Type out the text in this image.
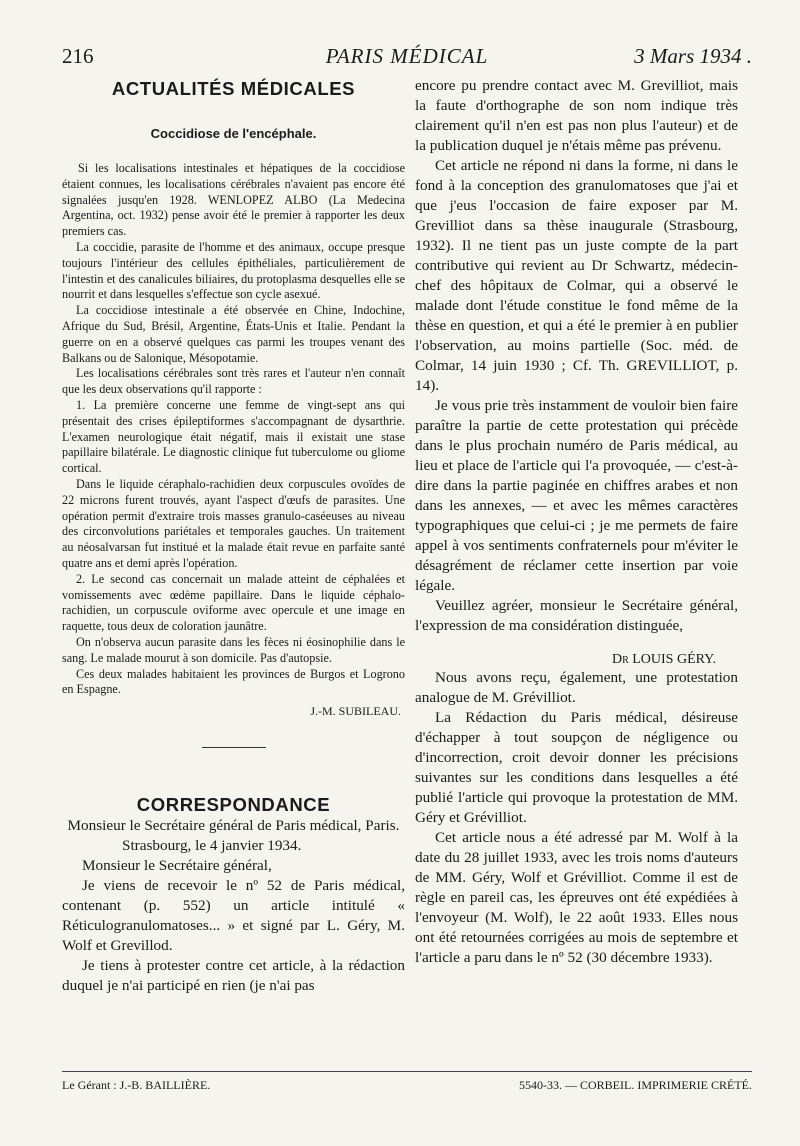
216	PARIS MÉDICAL	3 Mars 1934 .
ACTUALITÉS MÉDICALES
Coccidiose de l'encéphale.

Si les localisations intestinales et hépatiques de la coccidiose étaient connues, les localisations cérébrales n'avaient pas encore été signalées jusqu'en 1928. WENLOPEZ ALBO (La Medecina Argentina, oct. 1932) pense avoir été le premier à rapporter les deux premiers cas.

La coccidie, parasite de l'homme et des animaux, occupe presque toujours l'intérieur des cellules épithéliales, particulièrement de l'intestin et des canalicules biliaires, du protoplasma desquelles elle se nourrit et dans lesquelles s'effectue son cycle asexué.

La coccidiose intestinale a été observée en Chine, Indochine, Afrique du Sud, Brésil, Argentine, États-Unis et Italie. Pendant la guerre on en a observé quelques cas parmi les troupes venant des Balkans ou de Salonique, Mésopotamie.

Les localisations cérébrales sont très rares et l'auteur n'en connaît que les deux observations qu'il rapporte :

1. La première concerne une femme de vingt-sept ans qui présentait des crises épileptiformes s'accompagnant de dysarthrie. L'examen neurologique était négatif, mais il existait une stase papillaire bilatérale. Le diagnostic clinique fut tuberculome ou gliome cortical.

Dans le liquide céraphalo-rachidien deux corpuscules ovoïdes de 22 microns furent trouvés, ayant l'aspect d'œufs de parasites. Une opération permit d'extraire trois masses granulo-caséeuses au niveau des circonvolutions pariétales et temporales gauches. Un traitement au néosalvarsan fut institué et la malade était revue en parfaite santé quatre ans et demi après l'opération.

2. Le second cas concernait un malade atteint de céphalées et vomissements avec œdème papillaire. Dans le liquide céphalo-rachidien, un corpuscule oviforme avec opercule et une image en raquette, tous deux de coloration jaunâtre.

On n'observa aucun parasite dans les fèces ni éosinophilie dans le sang. Le malade mourut à son domicile. Pas d'autopsie.

Ces deux malades habitaient les provinces de Burgos et Logrono en Espagne.

J.-M. SUBILEAU.
CORRESPONDANCE

Monsieur le Secrétaire général de Paris médical, Paris.

Strasbourg, le 4 janvier 1934.

Monsieur le Secrétaire général,

Je viens de recevoir le nº 52 de Paris médical, contenant (p. 552) un article intitulé « Réticulogranulomatoses... » et signé par L. Géry, M. Wolf et Grevillod.

Je tiens à protester contre cet article, à la rédaction duquel je n'ai participé en rien (je n'ai pas

encore pu prendre contact avec M. Grevilliot, mais la faute d'orthographe de son nom indique très clairement qu'il n'en est pas non plus l'auteur) et de la publication duquel je n'étais même pas prévenu.

Cet article ne répond ni dans la forme, ni dans le fond à la conception des granulomatoses que j'ai et que j'eus l'occasion de faire exposer par M. Grevilliot dans sa thèse inaugurale (Strasbourg, 1932). Il ne tient pas un juste compte de la part contributive qui revient au Dr Schwartz, médecin-chef des hôpitaux de Colmar, qui a observé le malade dont l'étude constitue le fond même de la thèse en question, et qui a été le premier à en publier l'observation, au moins partielle (Soc. méd. de Colmar, 14 juin 1930 ; Cf. Th. GREVILLIOT, p. 14).

Je vous prie très instamment de vouloir bien faire paraître la partie de cette protestation qui précède dans le plus prochain numéro de Paris médical, au lieu et place de l'article qui l'a provoquée, — c'est-à-dire dans la partie paginée en chiffres arabes et non dans les annexes, — et avec les mêmes caractères typographiques que celui-ci ; je me permets de faire appel à vos sentiments confraternels pour m'éviter le désagrément de réclamer cette insertion par voie légale.

Veuillez agréer, monsieur le Secrétaire général, l'expression de ma considération distinguée,

Dr LOUIS GÉRY.

Nous avons reçu, également, une protestation analogue de M. Grévilliot.

La Rédaction du Paris médical, désireuse d'échapper à tout soupçon de négligence ou d'incorrection, croit devoir donner les précisions suivantes sur les conditions dans lesquelles a été publié l'article qui provoque la protestation de MM. Géry et Grévilliot.

Cet article nous a été adressé par M. Wolf à la date du 28 juillet 1933, avec les trois noms d'auteurs de MM. Géry, Wolf et Grévilliot. Comme il est de règle en pareil cas, les épreuves ont été expédiées à l'envoyeur (M. Wolf), le 22 août 1933. Elles nous ont été retournées corrigées au mois de septembre et l'article a paru dans le nº 52 (30 décembre 1933).

Le Gérant : J.-B. BAILLIÈRE.	5540-33. — CORBEIL. IMPRIMERIE CRÉTÉ.
